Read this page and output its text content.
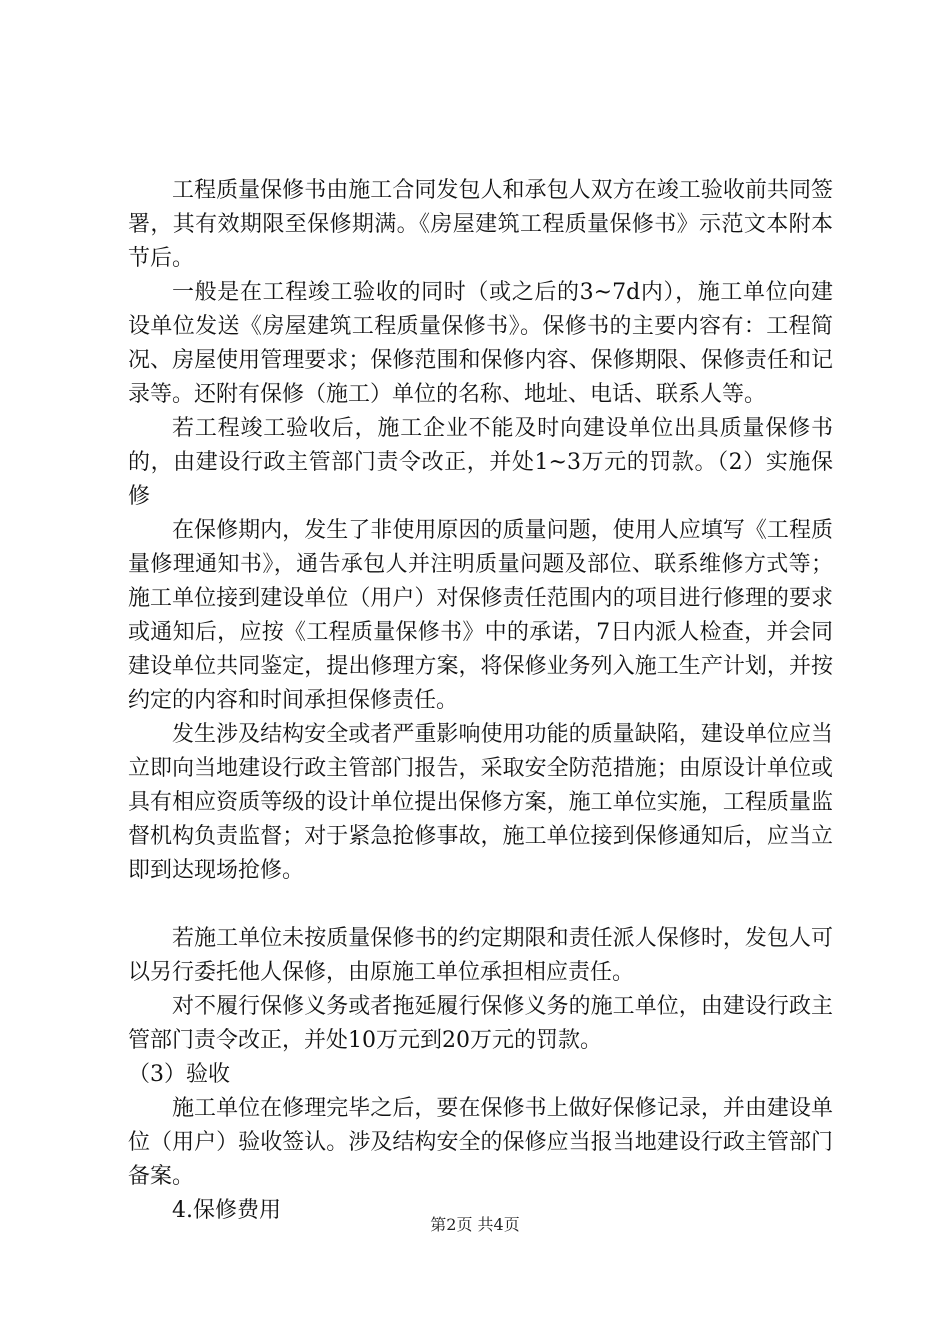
工程质量保修书由施工合同发包人和承包人双方在竣工验收前共同签署，其有效期限至保修期满。《房屋建筑工程质量保修书》示范文本附本节后。

一般是在工程竣工验收的同时（或之后的3~7d内），施工单位向建设单位发送《房屋建筑工程质量保修书》。保修书的主要内容有：工程简况、房屋使用管理要求；保修范围和保修内容、保修期限、保修责任和记录等。还附有保修（施工）单位的名称、地址、电话、联系人等。

若工程竣工验收后，施工企业不能及时向建设单位出具质量保修书的，由建设行政主管部门责令改正，并处1~3万元的罚款。（2）实施保修

在保修期内，发生了非使用原因的质量问题，使用人应填写《工程质量修理通知书》，通告承包人并注明质量问题及部位、联系维修方式等；施工单位接到建设单位（用户）对保修责任范围内的项目进行修理的要求或通知后，应按《工程质量保修书》中的承诺，7日内派人检查，并会同建设单位共同鉴定，提出修理方案，将保修业务列入施工生产计划，并按约定的内容和时间承担保修责任。

发生涉及结构安全或者严重影响使用功能的质量缺陷，建设单位应当立即向当地建设行政主管部门报告，采取安全防范措施；由原设计单位或具有相应资质等级的设计单位提出保修方案，施工单位实施，工程质量监督机构负责监督；对于紧急抢修事故，施工单位接到保修通知后，应当立即到达现场抢修。

若施工单位未按质量保修书的约定期限和责任派人保修时，发包人可以另行委托他人保修，由原施工单位承担相应责任。

对不履行保修义务或者拖延履行保修义务的施工单位，由建设行政主管部门责令改正，并处10万元到20万元的罚款。

（3）验收

施工单位在修理完毕之后，要在保修书上做好保修记录，并由建设单位（用户）验收签认。涉及结构安全的保修应当报当地建设行政主管部门备案。

4.保修费用

第2页 共4页
